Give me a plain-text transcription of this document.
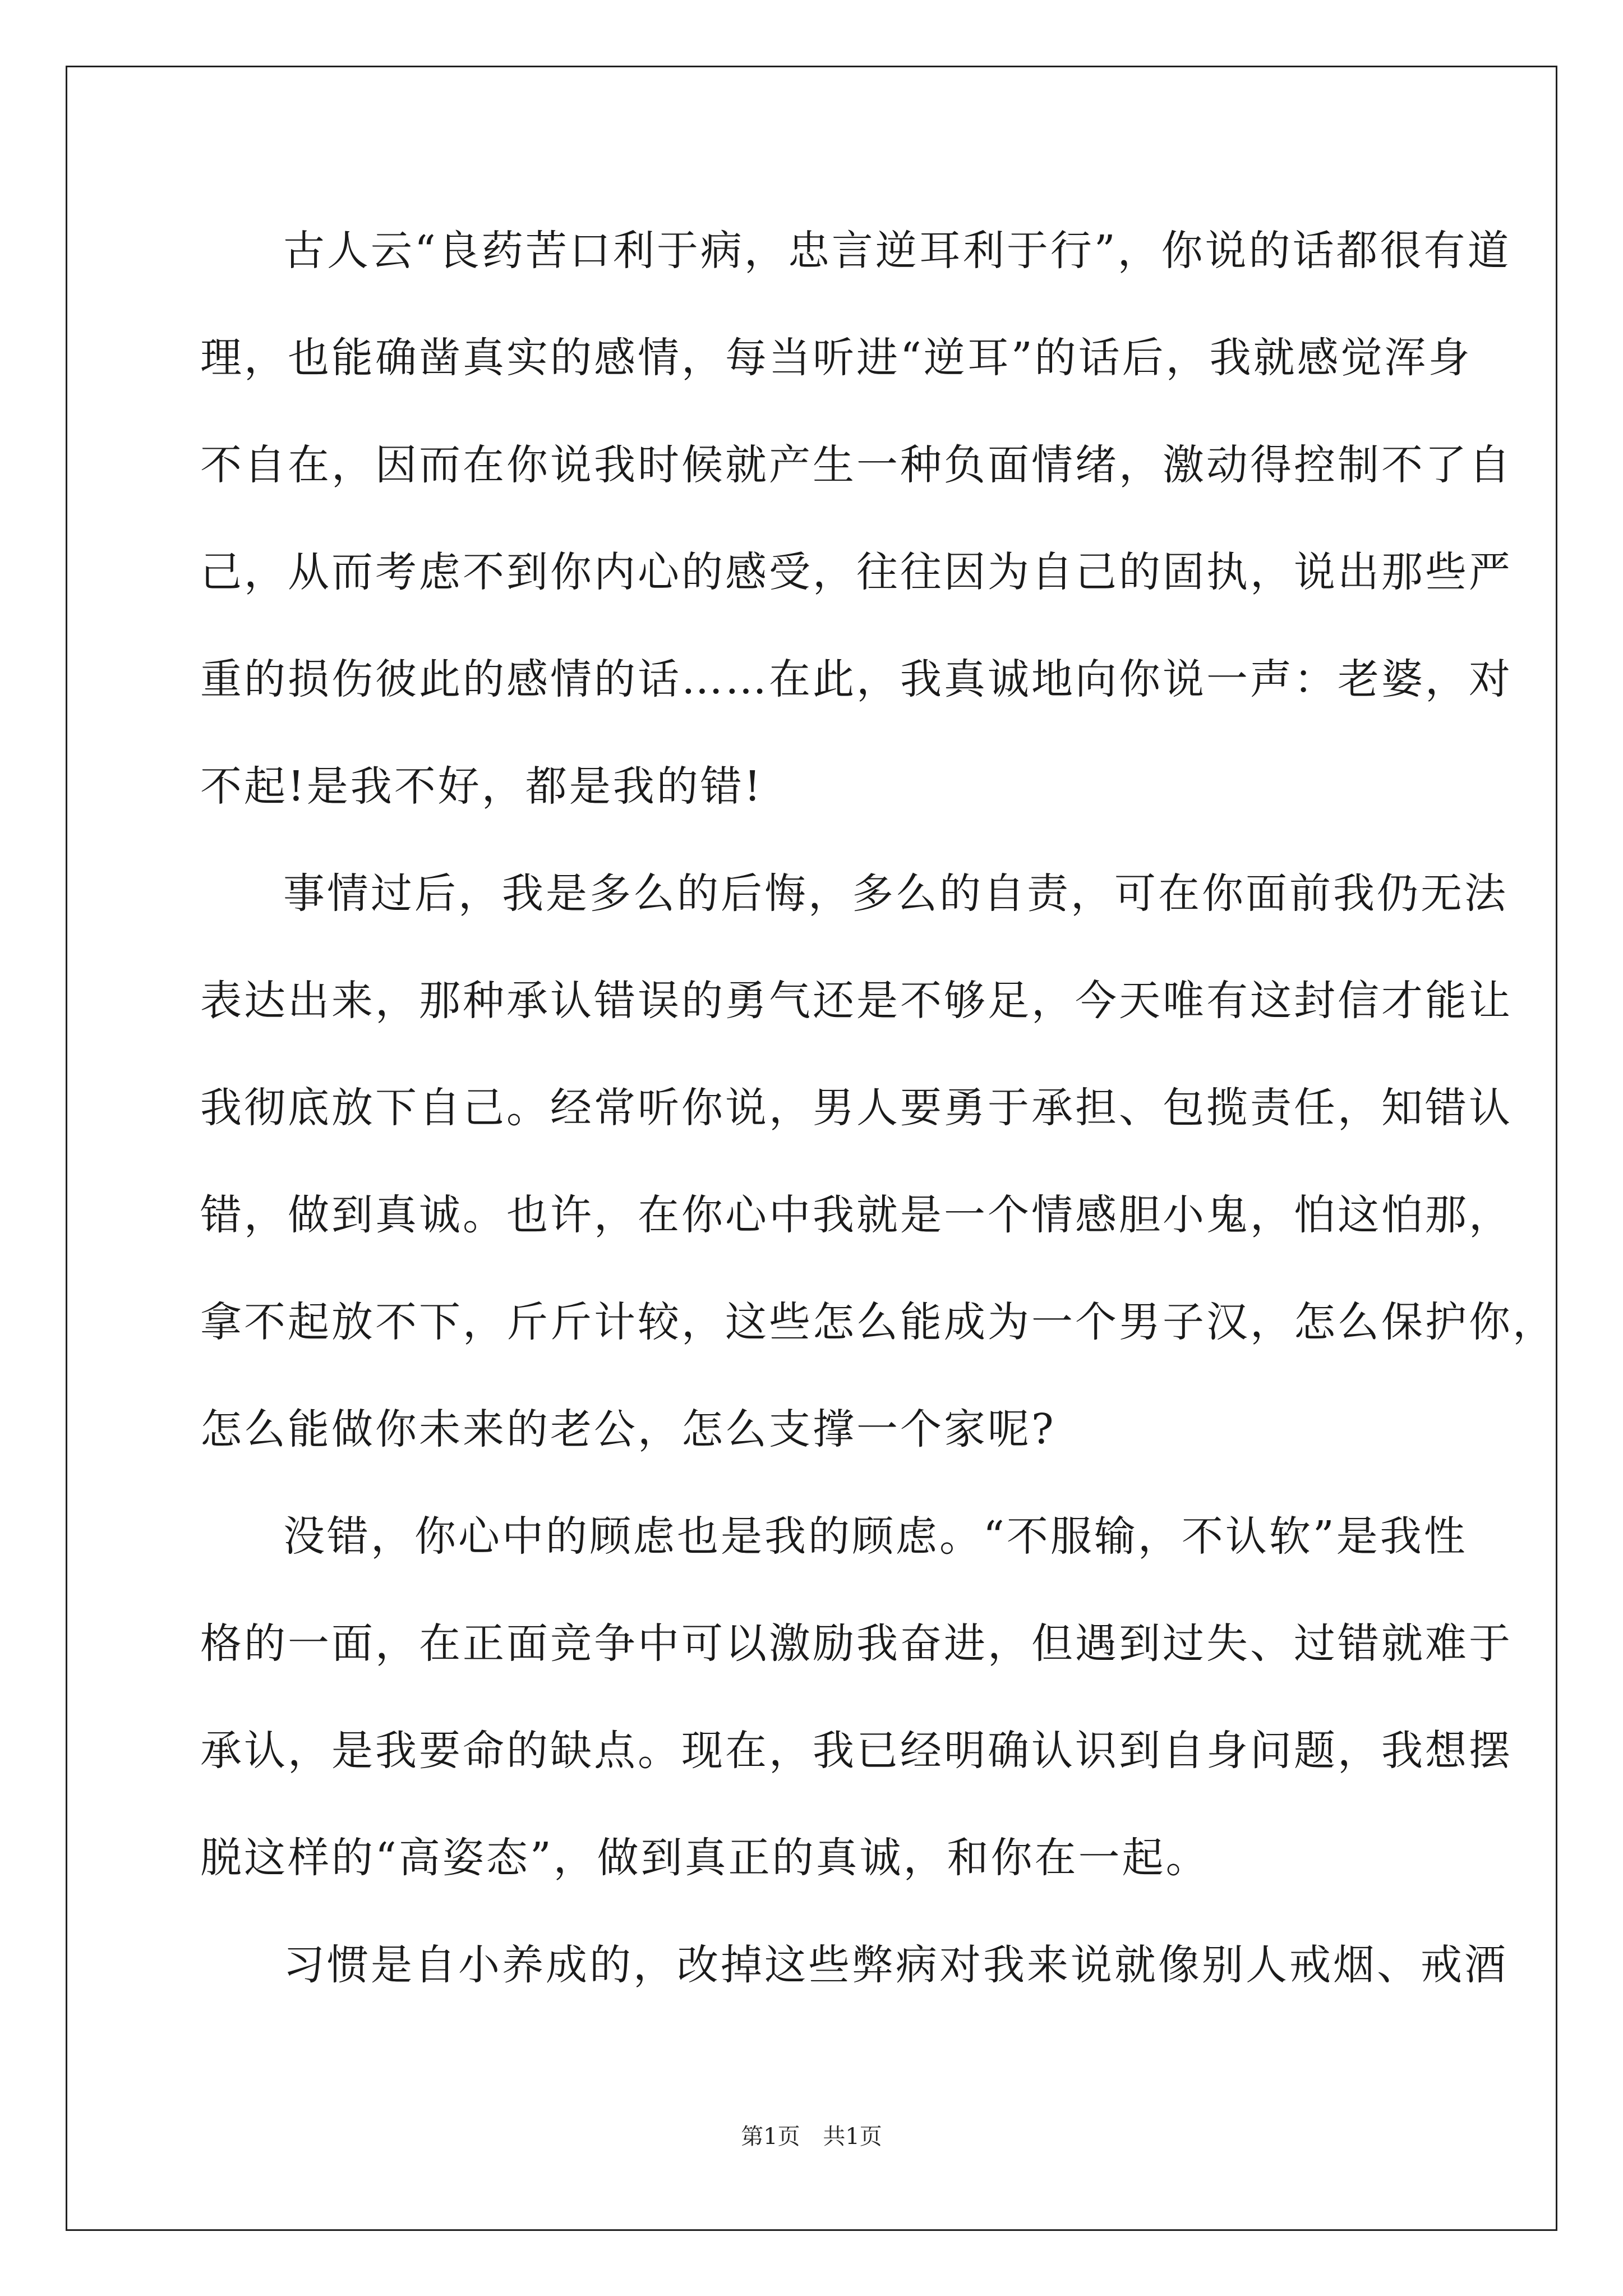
古人云“良药苦口利于病，忠言逆耳利于行”，你说的话都很有道
理，也能确凿真实的感情，每当听进“逆耳”的话后，我就感觉浑身
不自在，因而在你说我时候就产生一种负面情绪，激动得控制不了自
己，从而考虑不到你内心的感受，往往因为自己的固执，说出那些严
重的损伤彼此的感情的话……在此，我真诚地向你说一声：老婆，对
不起!是我不好，都是我的错!
事情过后，我是多么的后悔，多么的自责，可在你面前我仍无法
表达出来，那种承认错误的勇气还是不够足，今天唯有这封信才能让
我彻底放下自己。经常听你说，男人要勇于承担、包揽责任，知错认
错，做到真诚。也许，在你心中我就是一个情感胆小鬼，怕这怕那，
拿不起放不下，斤斤计较，这些怎么能成为一个男子汉，怎么保护你，
怎么能做你未来的老公，怎么支撑一个家呢?
没错，你心中的顾虑也是我的顾虑。“不服输，不认软”是我性
格的一面，在正面竞争中可以激励我奋进，但遇到过失、过错就难于
承认，是我要命的缺点。现在，我已经明确认识到自身问题，我想摆
脱这样的“高姿态”，做到真正的真诚，和你在一起。
习惯是自小养成的，改掉这些弊病对我来说就像别人戒烟、戒酒
第1页 共1页
